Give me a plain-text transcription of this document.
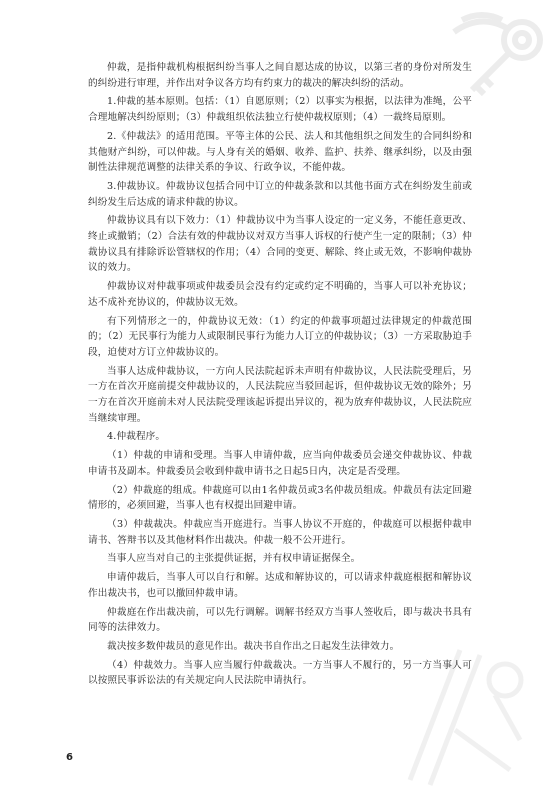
仲裁，是指仲裁机构根据纠纷当事人之间自愿达成的协议，以第三者的身份对所发生的纠纷进行审理，并作出对争议各方均有约束力的裁决的解决纠纷的活动。

1.仲裁的基本原则。包括：（1）自愿原则；（2）以事实为根据，以法律为准绳，公平合理地解决纠纷原则；（3）仲裁组织依法独立行使仲裁权原则；（4）一裁终局原则。

2.《仲裁法》的适用范围。平等主体的公民、法人和其他组织之间发生的合同纠纷和其他财产纠纷，可以仲裁。与人身有关的婚姻、收养、监护、扶养、继承纠纷，以及由强制性法律规范调整的法律关系的争议、行政争议，不能仲裁。

3.仲裁协议。仲裁协议包括合同中订立的仲裁条款和以其他书面方式在纠纷发生前或纠纷发生后达成的请求仲裁的协议。

仲裁协议具有以下效力：（1）仲裁协议中为当事人设定的一定义务，不能任意更改、终止或撤销；（2）合法有效的仲裁协议对双方当事人诉权的行使产生一定的限制；（3）仲裁协议具有排除诉讼管辖权的作用；（4）合同的变更、解除、终止或无效，不影响仲裁协议的效力。

仲裁协议对仲裁事项或仲裁委员会没有约定或约定不明确的，当事人可以补充协议；达不成补充协议的，仲裁协议无效。

有下列情形之一的，仲裁协议无效：（1）约定的仲裁事项超过法律规定的仲裁范围的；（2）无民事行为能力人或限制民事行为能力人订立的仲裁协议；（3）一方采取胁迫手段，迫使对方订立仲裁协议的。

当事人达成仲裁协议，一方向人民法院起诉未声明有仲裁协议，人民法院受理后，另一方在首次开庭前提交仲裁协议的，人民法院应当驳回起诉，但仲裁协议无效的除外；另一方在首次开庭前未对人民法院受理该起诉提出异议的，视为放弃仲裁协议，人民法院应当继续审理。

4.仲裁程序。

（1）仲裁的申请和受理。当事人申请仲裁，应当向仲裁委员会递交仲裁协议、仲裁申请书及副本。仲裁委员会收到仲裁申请书之日起5日内，决定是否受理。

（2）仲裁庭的组成。仲裁庭可以由1名仲裁员或3名仲裁员组成。仲裁员有法定回避情形的，必须回避，当事人也有权提出回避申请。

（3）仲裁裁决。仲裁应当开庭进行。当事人协议不开庭的，仲裁庭可以根据仲裁申请书、答辩书以及其他材料作出裁决。仲裁一般不公开进行。

当事人应当对自己的主张提供证据，并有权申请证据保全。

申请仲裁后，当事人可以自行和解。达成和解协议的，可以请求仲裁庭根据和解协议作出裁决书，也可以撤回仲裁申请。

仲裁庭在作出裁决前，可以先行调解。调解书经双方当事人签收后，即与裁决书具有同等的法律效力。

裁决按多数仲裁员的意见作出。裁决书自作出之日起发生法律效力。

（4）仲裁效力。当事人应当履行仲裁裁决。一方当事人不履行的，另一方当事人可以按照民事诉讼法的有关规定向人民法院申请执行。

6
